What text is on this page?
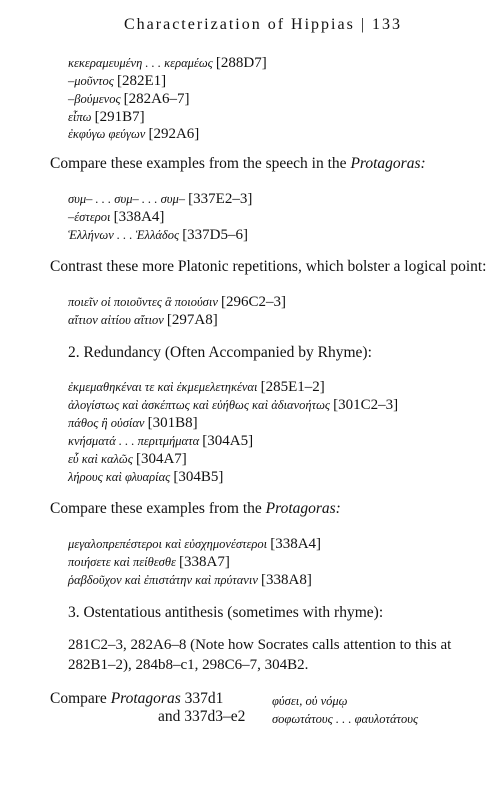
Characterization of Hippias | 133
κεκεραμευμένη . . . κεραμέως [288D7]
–μοῦντος [282E1]
–βούμενος [282A6–7]
εἶπω [291B7]
ἐκφύγω φεύγων [292A6]
Compare these examples from the speech in the Protagoras:
συμ– . . . συμ– . . . συμ– [337E2–3]
–έστεροι [338A4]
Ἑλλήνων . . . Ἑλλάδος [337D5–6]
Contrast these more Platonic repetitions, which bolster a logical point:
ποιεῖν οἱ ποιοῦντες ἃ ποιούσιν [296C2–3]
αἴτιον αἰτίου αἴτιον [297A8]
2. Redundancy (Often Accompanied by Rhyme):
ἐκμεμαθηκέναι τε καὶ ἐκμεμελετηκέναι [285E1–2]
ἀλογίστως καὶ ἀσκέπτως καὶ εὐήθως καὶ ἀδιανοήτως [301C2–3]
πάθος ἢ οὐσίαν [301B8]
κνήσματά . . . περιτμήματα [304A5]
εὖ καὶ καλῶς [304A7]
λήρους καὶ φλυαρίας [304B5]
Compare these examples from the Protagoras:
μεγαλοπρεπέστεροι καὶ εὐσχημονέστεροι [338A4]
ποιήσετε καὶ πείθεσθε [338A7]
ῥαβδοῦχον καὶ ἐπιστάτην καὶ πρύτανιν [338A8]
3. Ostentatious antithesis (sometimes with rhyme):
281C2–3, 282A6–8 (Note how Socrates calls attention to this at
282B1–2), 284b8–c1, 298C6–7, 304B2.
Compare Protagoras 337d1	φύσει, οὐ νόμῳ
and 337d3–e2 σοφωτάτους . . . φαυλοτάτους
